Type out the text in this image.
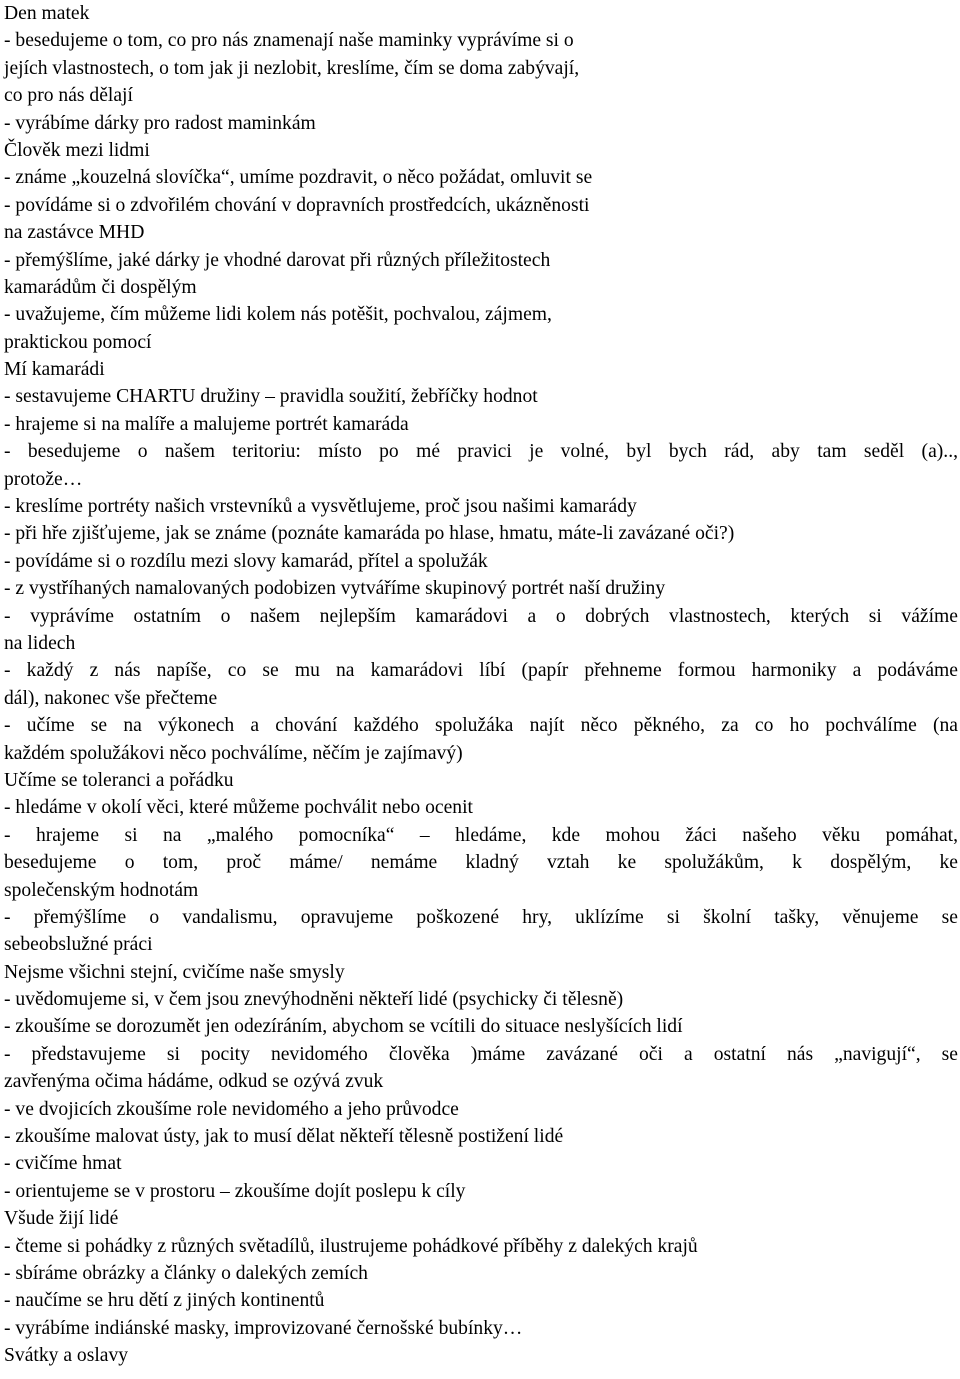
Den matek
- besedujeme o tom, co pro nás znamenají naše maminky vyprávíme si o
jejích vlastnostech, o tom jak ji nezlobit, kreslíme, čím se doma zabývají,
co pro nás dělají
- vyrábíme dárky pro radost maminkám
Člověk mezi lidmi
- známe „kouzelná slovíčka“, umíme pozdravit, o něco požádat, omluvit se
- povídáme si o zdvořilém chování v dopravních prostředcích, ukázněnosti
na zastávce MHD
- přemýšlíme, jaké dárky je vhodné darovat při různých příležitostech
kamarádům či dospělým
- uvažujeme, čím můžeme lidi kolem nás potěšit, pochvalou, zájmem,
praktickou pomocí
Mí kamarádi
- sestavujeme CHARTU družiny – pravidla soužití, žebříčky hodnot
- hrajeme si na malíře a malujeme portrét kamaráda
- besedujeme o našem teritoriu: místo po mé pravici je volné, byl bych rád, aby tam seděl (a)..,
protože…
- kreslíme portréty našich vrstevníků a vysvětlujeme, proč jsou našimi kamarády
- při hře zjišťujeme, jak se známe (poznáte kamaráda po hlase, hmatu, máte-li zavázané oči?)
- povídáme si o rozdílu mezi slovy kamarád, přítel a spolužák
- z vystříhaných namalovaných podobizen vytváříme skupinový portrét naší družiny
- vyprávíme ostatním o našem nejlepším kamarádovi a o dobrých vlastnostech, kterých si vážíme
na lidech
- každý z nás napíše, co se mu na kamarádovi líbí (papír přehneme formou harmoniky a podáváme
dál), nakonec vše přečteme
- učíme se na výkonech a chování každého spolužáka najít něco pěkného, za co ho pochválíme (na
každém spolužákovi něco pochválíme, něčím je zajímavý)
Učíme se toleranci a pořádku
- hledáme v okolí věci, které můžeme pochválit nebo ocenit
- hrajeme si na „malého pomocníka“ – hledáme, kde mohou žáci našeho věku pomáhat,
besedujeme o tom, proč máme/ nemáme kladný vztah ke spolužákům, k dospělým, ke
společenským hodnotám
- přemýšlíme o vandalismu, opravujeme poškozené hry, uklízíme si školní tašky, věnujeme se
sebeobslužné práci
Nejsme všichni stejní, cvičíme naše smysly
- uvědomujeme si, v čem jsou znevýhodněni někteří lidé (psychicky či tělesně)
- zkoušíme se dorozumět jen odezíráním, abychom se vcítili do situace neslyšících lidí
- představujeme si pocity nevidomého člověka )máme zavázané oči a ostatní nás „navigují“, se
zavřenýma očima hádáme, odkud se ozývá zvuk
- ve dvojicích zkoušíme role nevidomého a jeho průvodce
- zkoušíme malovat ústy, jak to musí dělat někteří tělesně postižení lidé
- cvičíme hmat
- orientujeme se v prostoru – zkoušíme dojít poslepu k cíly
Všude žijí lidé
- čteme si pohádky z různých světadílů, ilustrujeme pohádkové příběhy z dalekých krajů
- sbíráme obrázky a články o dalekých zemích
- naučíme se hru dětí z jiných kontinentů
- vyrábíme indiánské masky, improvizované černošské bubínky…
Svátky a oslavy
